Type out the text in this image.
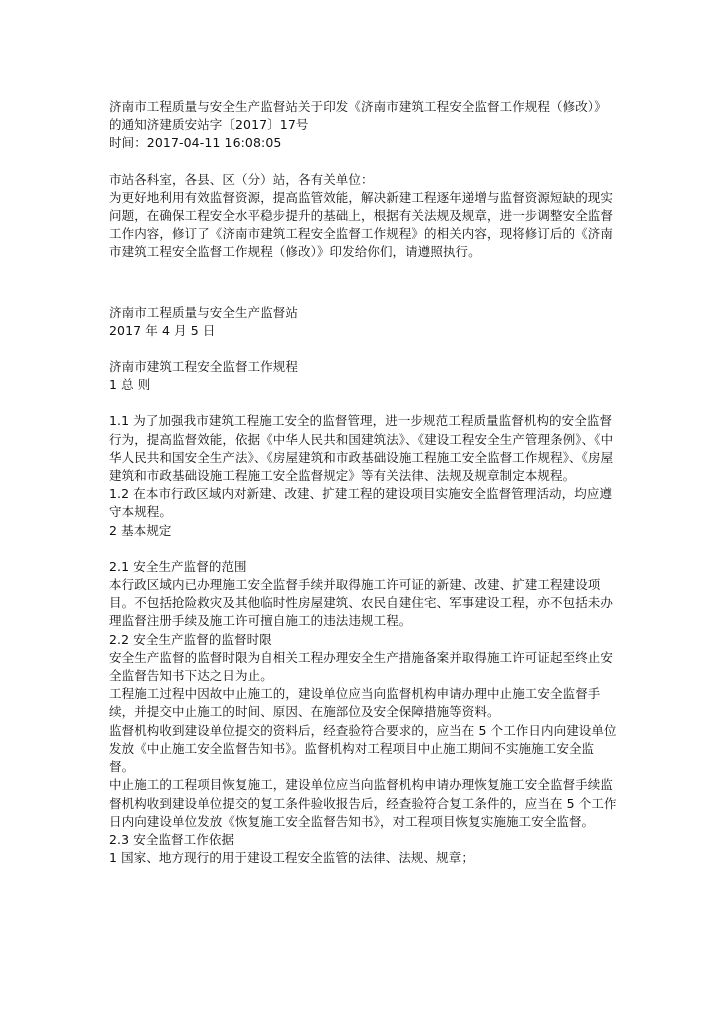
济南市工程质量与安全生产监督站关于印发《济南市建筑工程安全监督工作规程（修改）》的通知济建质安站字〔2017〕17号
时间：2017-04-11 16:08:05
市站各科室，各县、区（分）站，各有关单位：
为更好地利用有效监督资源，提高监管效能，解决新建工程逐年递增与监督资源短缺的现实问题，在确保工程安全水平稳步提升的基础上，根据有关法规及规章，进一步调整安全监督工作内容，修订了《济南市建筑工程安全监督工作规程》的相关内容，现将修订后的《济南市建筑工程安全监督工作规程（修改）》印发给你们，请遵照执行。
济南市工程质量与安全生产监督站
2017 年 4 月 5 日
济南市建筑工程安全监督工作规程
1 总 则
1.1 为了加强我市建筑工程施工安全的监督管理，进一步规范工程质量监督机构的安全监督行为，提高监督效能，依据《中华人民共和国建筑法》、《建设工程安全生产管理条例》、《中华人民共和国安全生产法》、《房屋建筑和市政基础设施工程施工安全监督工作规程》、《房屋建筑和市政基础设施工程施工安全监督规定》等有关法律、法规及规章制定本规程。
1.2 在本市行政区域内对新建、改建、扩建工程的建设项目实施安全监督管理活动，均应遵守本规程。
2 基本规定
2.1 安全生产监督的范围
本行政区域内已办理施工安全监督手续并取得施工许可证的新建、改建、扩建工程建设项目。不包括抢险救灾及其他临时性房屋建筑、农民自建住宅、军事建设工程，亦不包括未办理监督注册手续及施工许可擅自施工的违法违规工程。
2.2 安全生产监督的监督时限
安全生产监督的监督时限为自相关工程办理安全生产措施备案并取得施工许可证起至终止安全监督告知书下达之日为止。
工程施工过程中因故中止施工的，建设单位应当向监督机构申请办理中止施工安全监督手续，并提交中止施工的时间、原因、在施部位及安全保障措施等资料。
监督机构收到建设单位提交的资料后，经查验符合要求的，应当在 5 个工作日内向建设单位发放《中止施工安全监督告知书》。监督机构对工程项目中止施工期间不实施施工安全监督。
中止施工的工程项目恢复施工，建设单位应当向监督机构申请办理恢复施工安全监督手续监督机构收到建设单位提交的复工条件验收报告后，经查验符合复工条件的，应当在 5 个工作日内向建设单位发放《恢复施工安全监督告知书》，对工程项目恢复实施施工安全监督。
2.3 安全监督工作依据
1 国家、地方现行的用于建设工程安全监管的法律、法规、规章；
